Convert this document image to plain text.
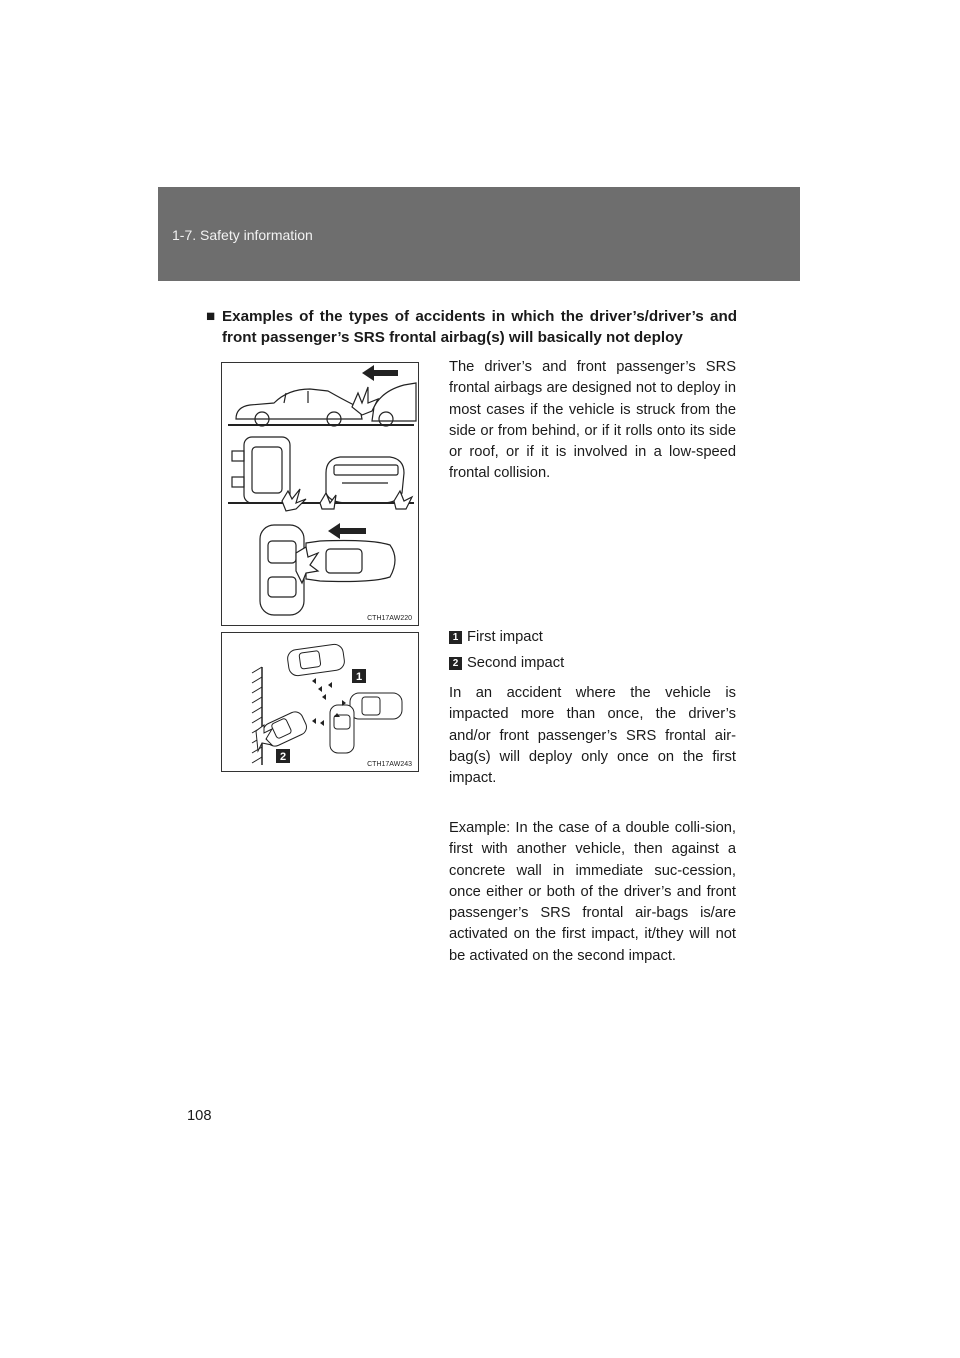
1-7. Safety information
■ Examples of the types of accidents in which the driver’s/driver’s and front passenger’s SRS frontal airbag(s) will basically not deploy
CTH17AW220
1
2
CTH17AW243
The driver’s and front passenger’s SRS frontal airbags are designed not to deploy in most cases if the vehicle is struck from the side or from behind, or if it rolls onto its side or roof, or if it is involved in a low-speed frontal collision.
1 First impact
2 Second impact
In an accident where the vehicle is impacted more than once, the driver’s and/or front passenger’s SRS frontal air-bag(s) will deploy only once on the first impact.
Example: In the case of a double colli-sion, first with another vehicle, then against a concrete wall in immediate suc-cession, once either or both of the driver’s and front passenger’s SRS frontal air-bags is/are activated on the first impact, it/they will not be activated on the second impact.
108
